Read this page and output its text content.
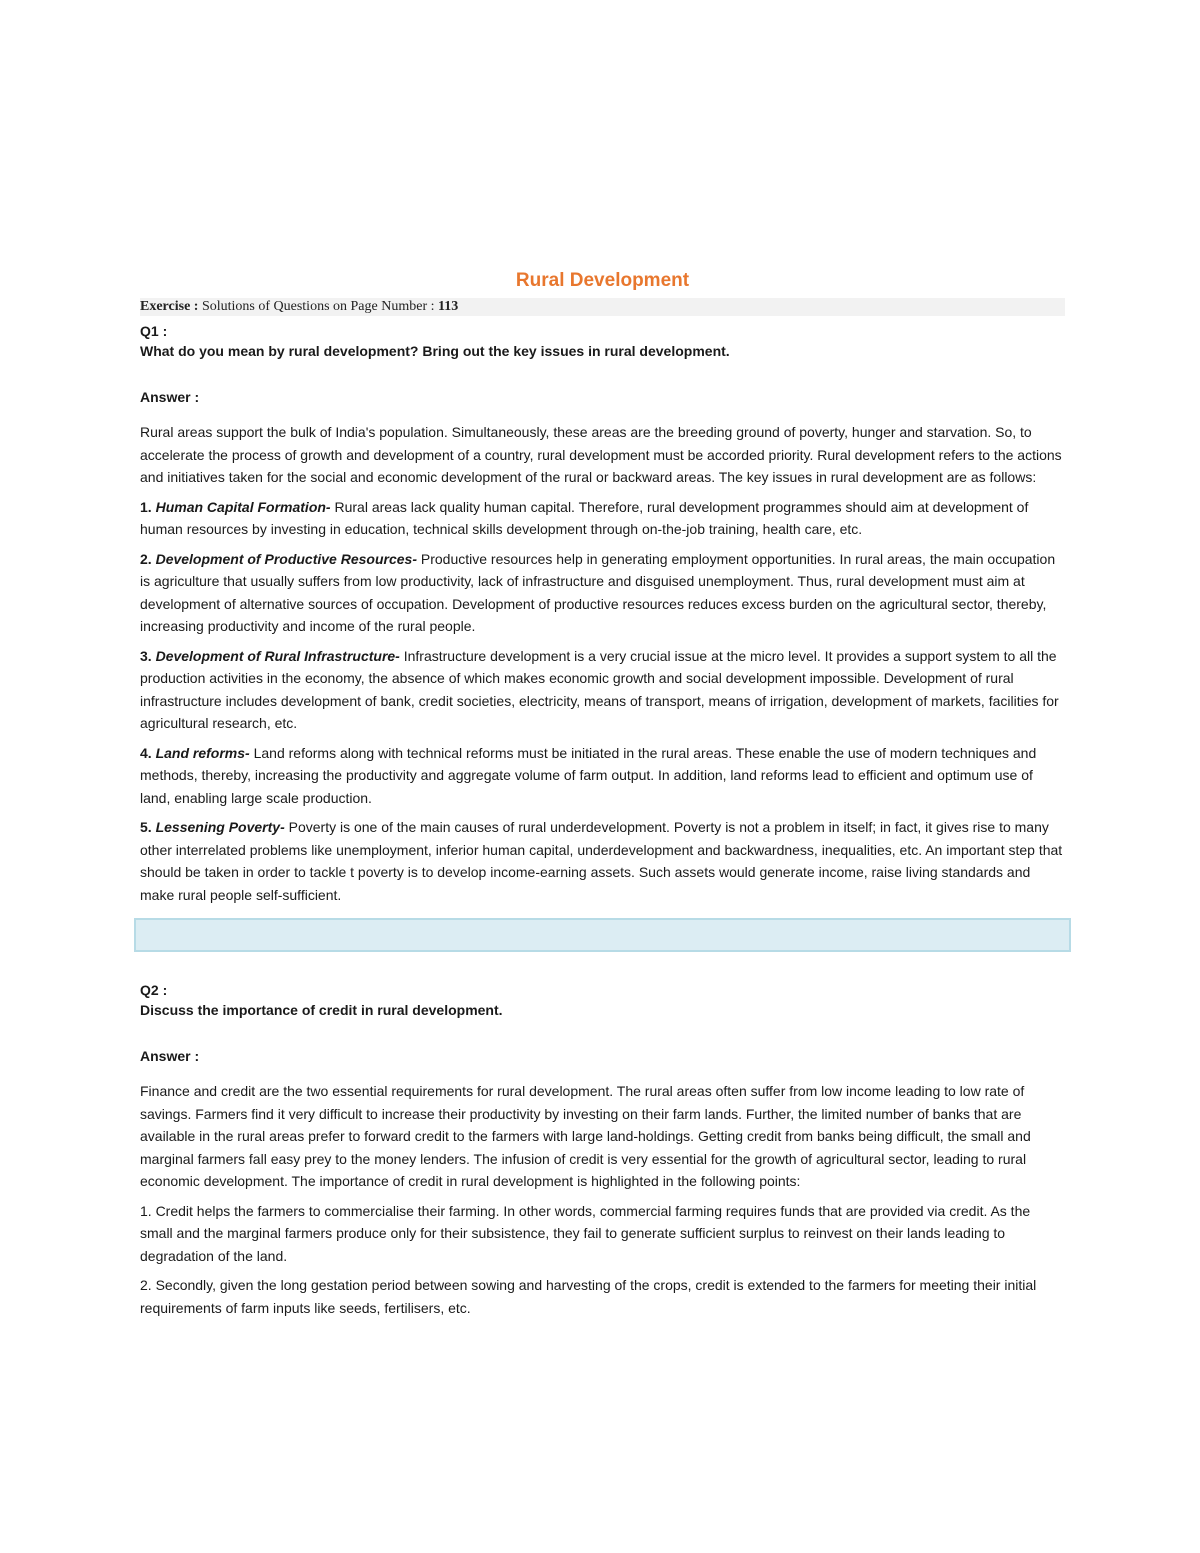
Rural Development
Exercise : Solutions of Questions on Page Number : 113
Q1 :
What do you mean by rural development? Bring out the key issues in rural development.
Answer :

Rural areas support the bulk of India's population. Simultaneously, these areas are the breeding ground of poverty, hunger and starvation. So, to accelerate the process of growth and development of a country, rural development must be accorded priority. Rural development refers to the actions and initiatives taken for the social and economic development of the rural or backward areas. The key issues in rural development are as follows:

1. Human Capital Formation- Rural areas lack quality human capital. Therefore, rural development programmes should aim at development of human resources by investing in education, technical skills development through on-the-job training, health care, etc.

2. Development of Productive Resources- Productive resources help in generating employment opportunities. In rural areas, the main occupation is agriculture that usually suffers from low productivity, lack of infrastructure and disguised unemployment. Thus, rural development must aim at development of alternative sources of occupation. Development of productive resources reduces excess burden on the agricultural sector, thereby, increasing productivity and income of the rural people.

3. Development of Rural Infrastructure- Infrastructure development is a very crucial issue at the micro level. It provides a support system to all the production activities in the economy, the absence of which makes economic growth and social development impossible. Development of rural infrastructure includes development of bank, credit societies, electricity, means of transport, means of irrigation, development of markets, facilities for agricultural research, etc.

4. Land reforms- Land reforms along with technical reforms must be initiated in the rural areas. These enable the use of modern techniques and methods, thereby, increasing the productivity and aggregate volume of farm output. In addition, land reforms lead to efficient and optimum use of land, enabling large scale production.

5. Lessening Poverty- Poverty is one of the main causes of rural underdevelopment. Poverty is not a problem in itself; in fact, it gives rise to many other interrelated problems like unemployment, inferior human capital, underdevelopment and backwardness, inequalities, etc. An important step that should be taken in order to tackle t poverty is to develop income-earning assets. Such assets would generate income, raise living standards and make rural people self-sufficient.

Q2 :
Discuss the importance of credit in rural development.
Answer :

Finance and credit are the two essential requirements for rural development. The rural areas often suffer from low income leading to low rate of savings. Farmers find it very difficult to increase their productivity by investing on their farm lands. Further, the limited number of banks that are available in the rural areas prefer to forward credit to the farmers with large land-holdings. Getting credit from banks being difficult, the small and marginal farmers fall easy prey to the money lenders. The infusion of credit is very essential for the growth of agricultural sector, leading to rural economic development. The importance of credit in rural development is highlighted in the following points:

1. Credit helps the farmers to commercialise their farming. In other words, commercial farming requires funds that are provided via credit. As the small and the marginal farmers produce only for their subsistence, they fail to generate sufficient surplus to reinvest on their lands leading to degradation of the land.

2. Secondly, given the long gestation period between sowing and harvesting of the crops, credit is extended to the farmers for meeting their initial requirements of farm inputs like seeds, fertilisers, etc.
